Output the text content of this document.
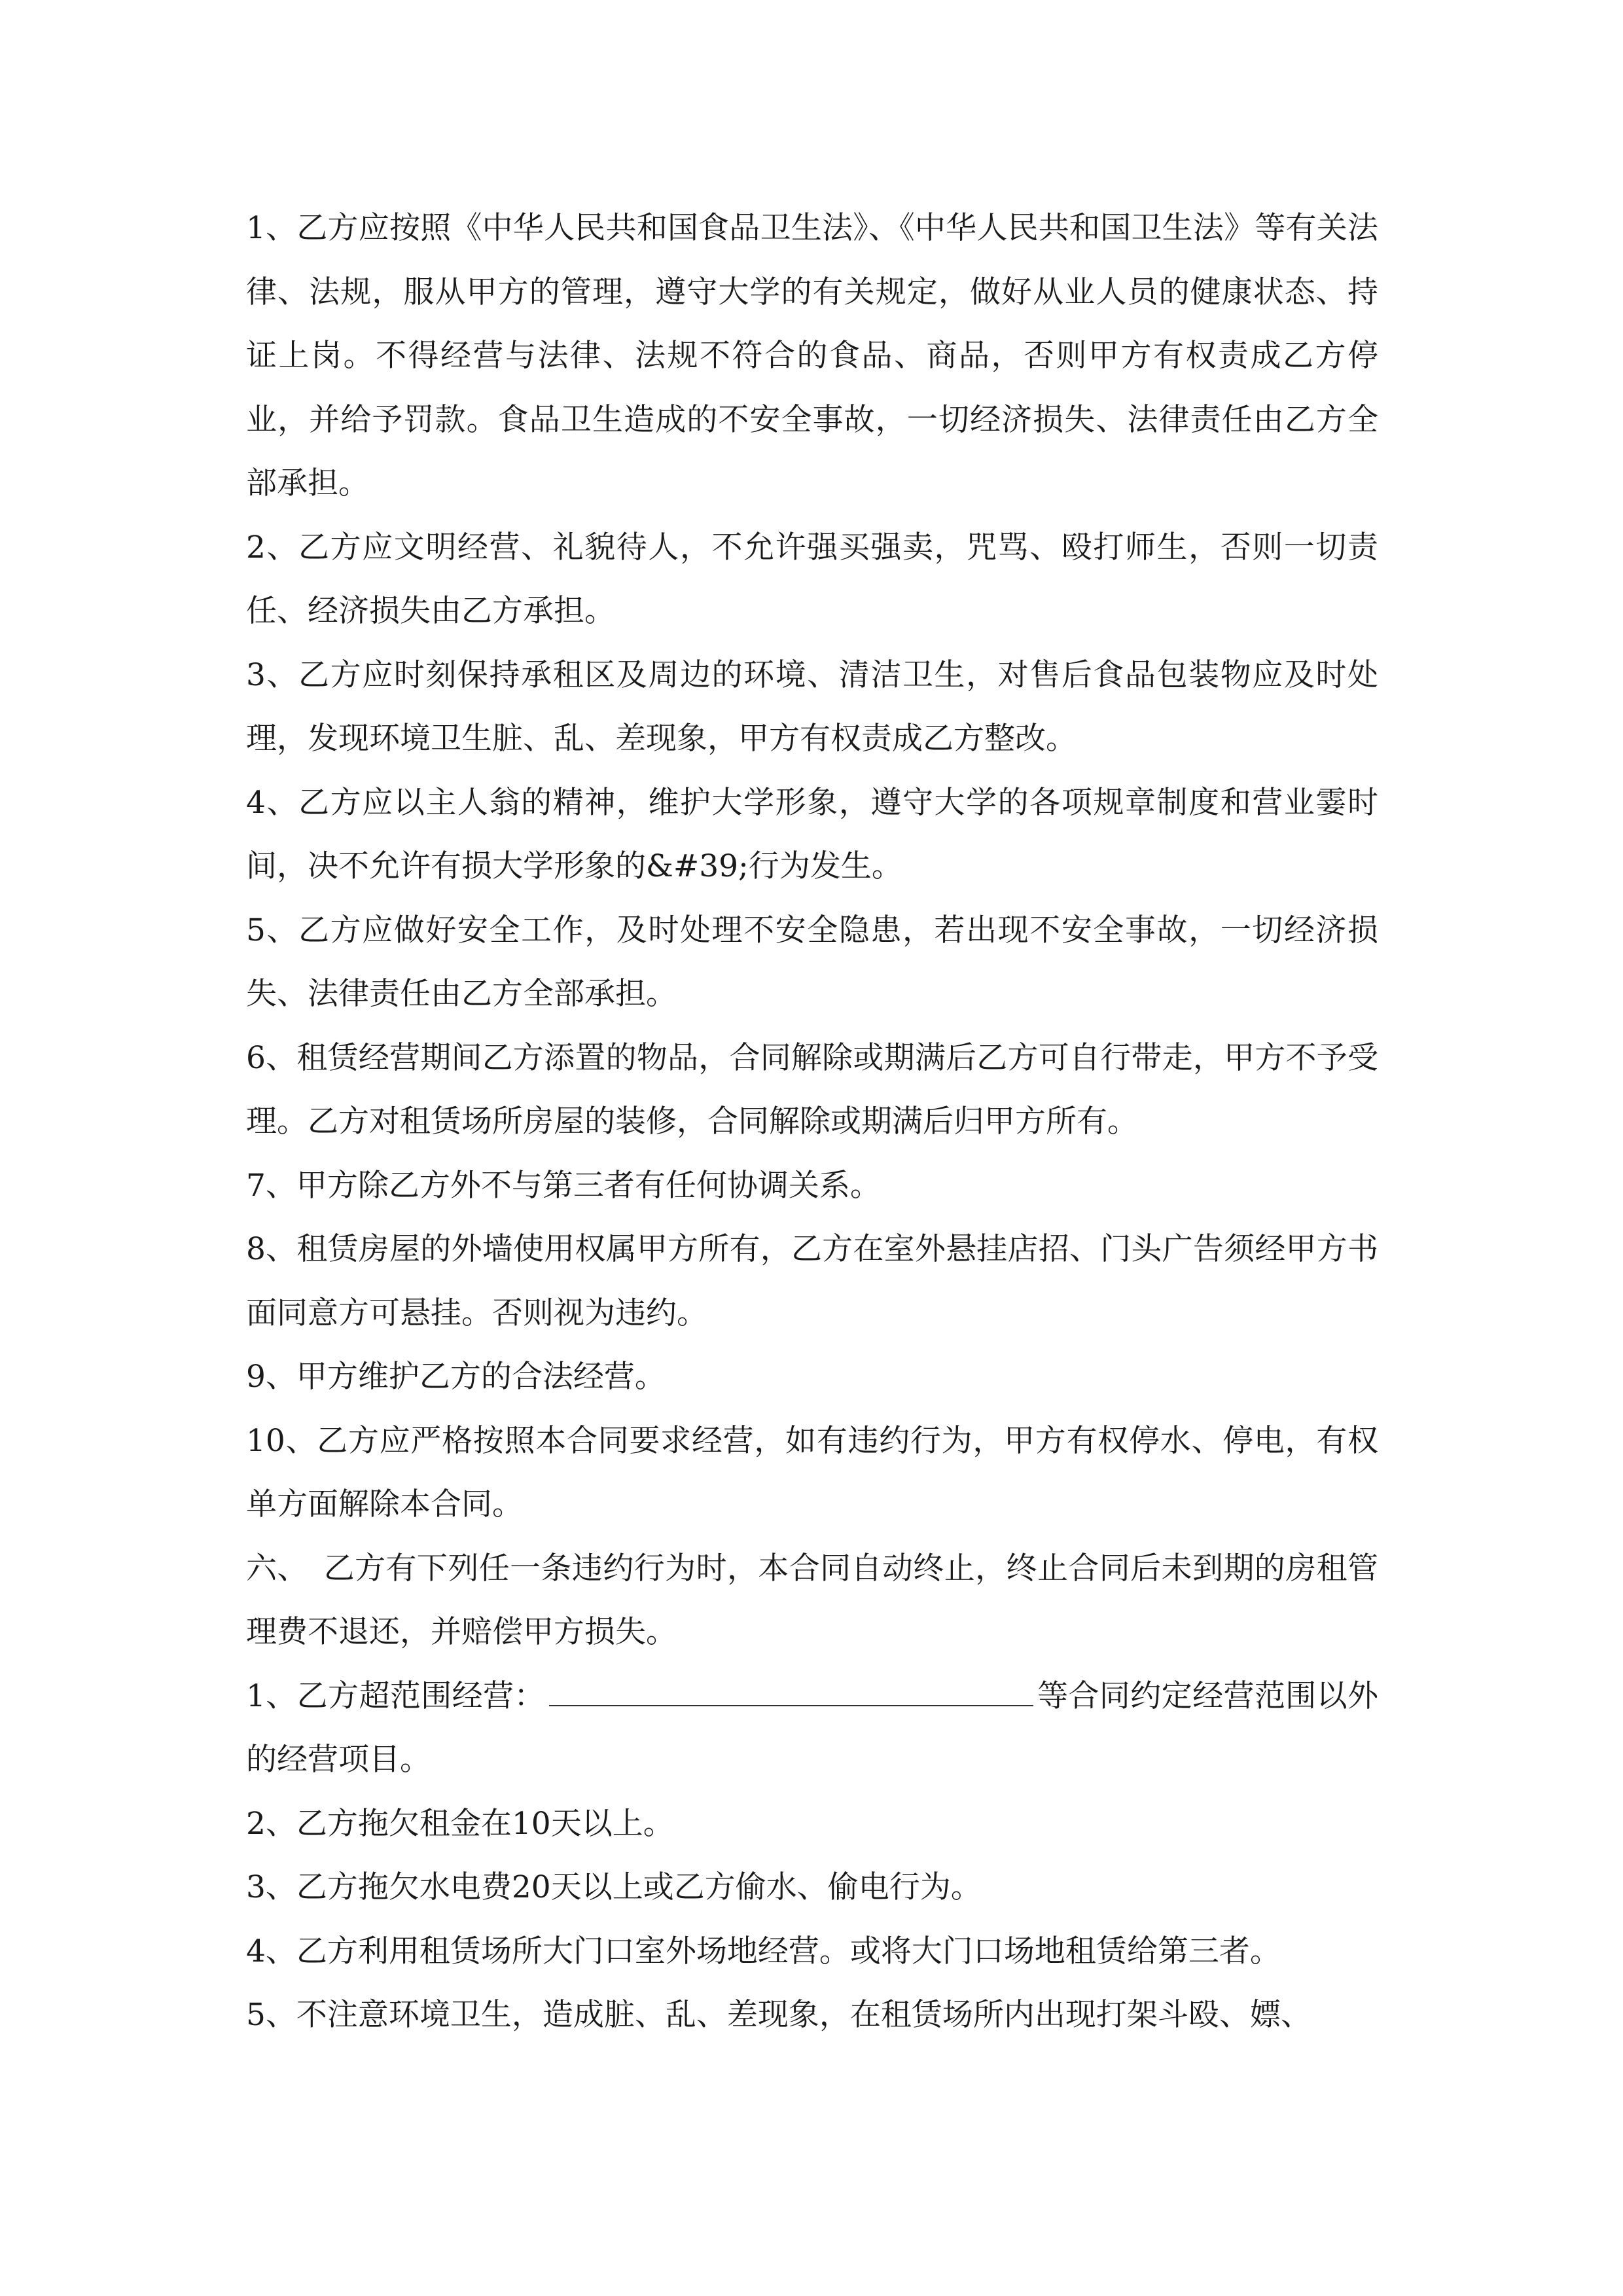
1、乙方应按照《中华人民共和国食品卫生法》、《中华人民共和国卫生法》等有关法律、法规，服从甲方的管理，遵守大学的有关规定，做好从业人员的健康状态、持证上岗。不得经营与法律、法规不符合的食品、商品，否则甲方有权责成乙方停业，并给予罚款。食品卫生造成的不安全事故，一切经济损失、法律责任由乙方全部承担。

2、乙方应文明经营、礼貌待人，不允许强买强卖，咒骂、殴打师生，否则一切责任、经济损失由乙方承担。

3、乙方应时刻保持承租区及周边的环境、清洁卫生，对售后食品包装物应及时处理，发现环境卫生脏、乱、差现象，甲方有权责成乙方整改。

4、乙方应以主人翁的精神，维护大学形象，遵守大学的各项规章制度和营业霎时间，决不允许有损大学形象的&#39;行为发生。

5、乙方应做好安全工作，及时处理不安全隐患，若出现不安全事故，一切经济损失、法律责任由乙方全部承担。

6、租赁经营期间乙方添置的物品，合同解除或期满后乙方可自行带走，甲方不予受理。乙方对租赁场所房屋的装修，合同解除或期满后归甲方所有。

7、甲方除乙方外不与第三者有任何协调关系。

8、租赁房屋的外墙使用权属甲方所有，乙方在室外悬挂店招、门头广告须经甲方书面同意方可悬挂。否则视为违约。

9、甲方维护乙方的合法经营。

10、乙方应严格按照本合同要求经营，如有违约行为，甲方有权停水、停电，有权单方面解除本合同。

六、　乙方有下列任一条违约行为时，本合同自动终止，终止合同后未到期的房租管理费不退还，并赔偿甲方损失。

1、乙方超范围经营：	等合同约定经营范围以外的经营项目。

2、乙方拖欠租金在10天以上。

3、乙方拖欠水电费20天以上或乙方偷水、偷电行为。

4、乙方利用租赁场所大门口室外场地经营。或将大门口场地租赁给第三者。

5、不注意环境卫生，造成脏、乱、差现象，在租赁场所内出现打架斗殴、嫖、
